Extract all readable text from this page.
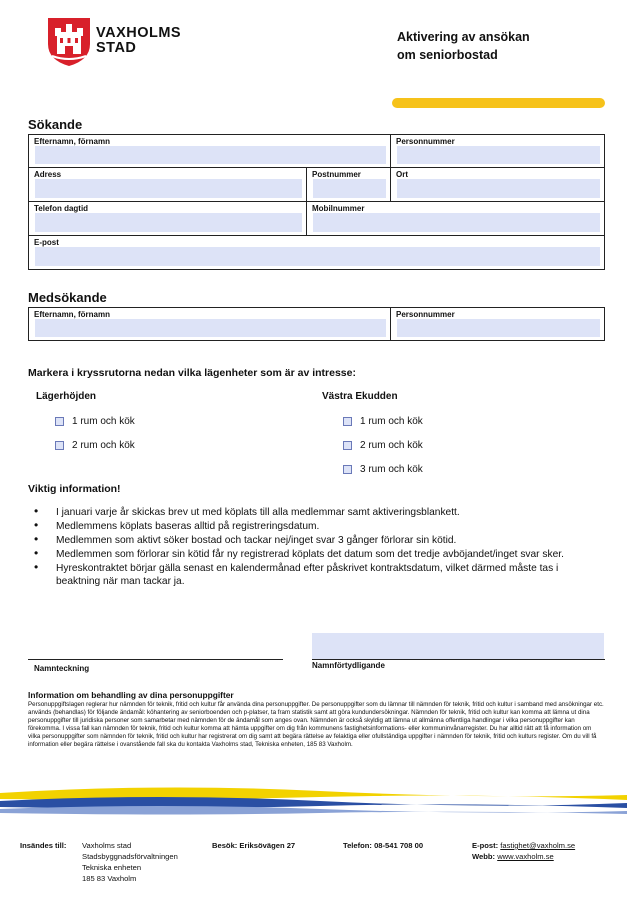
VAXHOLMS
STAD
Aktivering av ansökan
om seniorbostad
Sökande
Efternamn, förnamn	Personnummer
Adress	Postnummer	Ort
Telefon dagtid	Mobilnummer
E-post
Medsökande
Efternamn, förnamn	Personnummer
Markera i kryssrutorna nedan vilka lägenheter som är av intresse:
Lägerhöjden
1 rum och kök
2 rum och kök
Västra Ekudden
1 rum och kök
2 rum och kök
3 rum och kök
Viktig information!
• I januari varje år skickas brev ut med köplats till alla medlemmar samt aktiveringsblankett.
• Medlemmens köplats baseras alltid på registreringsdatum.
• Medlemmen som aktivt söker bostad och tackar nej/inget svar 3 gånger förlorar sin kötid.
• Medlemmen som förlorar sin kötid får ny registrerad köplats det datum som det tredje avböjandet/inget svar sker.
• Hyreskontraktet börjar gälla senast en kalendermånad efter påskrivet kontraktsdatum, vilket därmed måste tas i beaktning när man tackar ja.
Namnteckning	Namnförtydligande
Information om behandling av dina personuppgifter
Personuppgiftslagen reglerar hur nämnden för teknik, fritid och kultur får använda dina personuppgifter. De personuppgifter som du lämnar till nämnden för teknik, fritid och kultur i samband med ansökningar etc. används (behandlas) för följande ändamål: köhantering av seniorboenden och p-platser, ta fram statistik samt att göra kundundersökningar. Nämnden för teknik, fritid och kultur kan komma att lämna ut dina personuppgifter till juridiska personer som samarbetar med nämnden för de ändamål som anges ovan. Nämnden är också skyldig att lämna ut allmänna offentliga handlingar i vilka personuppgifter kan förekomma. I vissa fall kan nämnden för teknik, fritid och kultur komma att hämta uppgifter om dig från kommunens fastighetsinformations- eller kommuninvånarregister. Du har alltid rätt att få information om vilka personuppgifter som nämnden för teknik, fritid och kultur har registrerat om dig samt att begära rättelse av felaktiga eller ofullständiga uppgifter i nämnden för teknik, fritid och kulturs register. Om du vill få information eller begära rättelse i ovanstående fall ska du kontakta Vaxholms stad, Tekniska enheten, 185 83 Vaxholm.
Insändes till: Vaxholms stad
Stadsbyggnadsförvaltningen
Tekniska enheten
185 83 Vaxholm
Besök: Eriksövägen 27	Telefon: 08-541 708 00	E-post: fastighet@vaxholm.se
Webb: www.vaxholm.se
